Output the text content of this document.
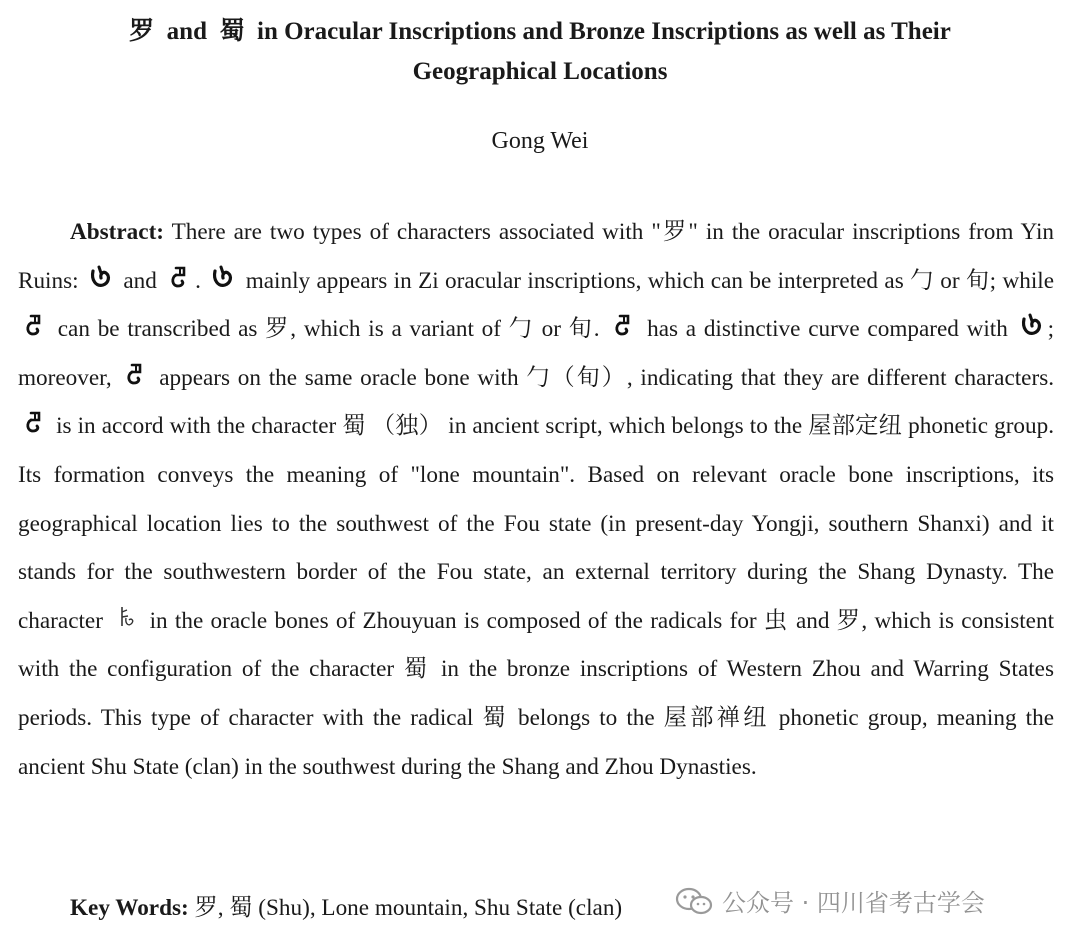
罗 and 蜀 in Oracular Inscriptions and Bronze Inscriptions as well as Their Geographical Locations
Gong Wei

Abstract: There are two types of characters associated with "罗" in the oracular inscriptions from Yin Ruins: and . mainly appears in Zi oracular inscriptions, which can be interpreted as 勹 or 旬; while
can be transcribed as 罗, which is a variant of 勹 or 旬. has a distinctive curve compared with ; moreover, appears on the same oracle bone with 勹（旬）, indicating that they are different characters.
is in accord with the character 蜀 （独） in ancient script, which belongs to the 屋部定纽 phonetic group. Its formation conveys the meaning of "lone mountain". Based on relevant oracle bone inscriptions, its geographical location lies to the southwest of the Fou state (in present-day Yongji, southern Shanxi) and it stands for the southwestern border of the Fou state, an external territory during the Shang Dynasty. The character in the oracle bones of Zhouyuan is composed of the radicals for 虫 and 罗, which is consistent with the configuration of the character 蜀 in the bronze inscriptions of Western Zhou and Warring States periods. This type of character with the radical 蜀 belongs to the 屋部禅纽 phonetic group, meaning the ancient Shu State (clan) in the southwest during the Shang and Zhou Dynasties.

Key Words: 罗, 蜀 (Shu), Lone mountain, Shu State (clan)	公众号 · 四川省考古学会
